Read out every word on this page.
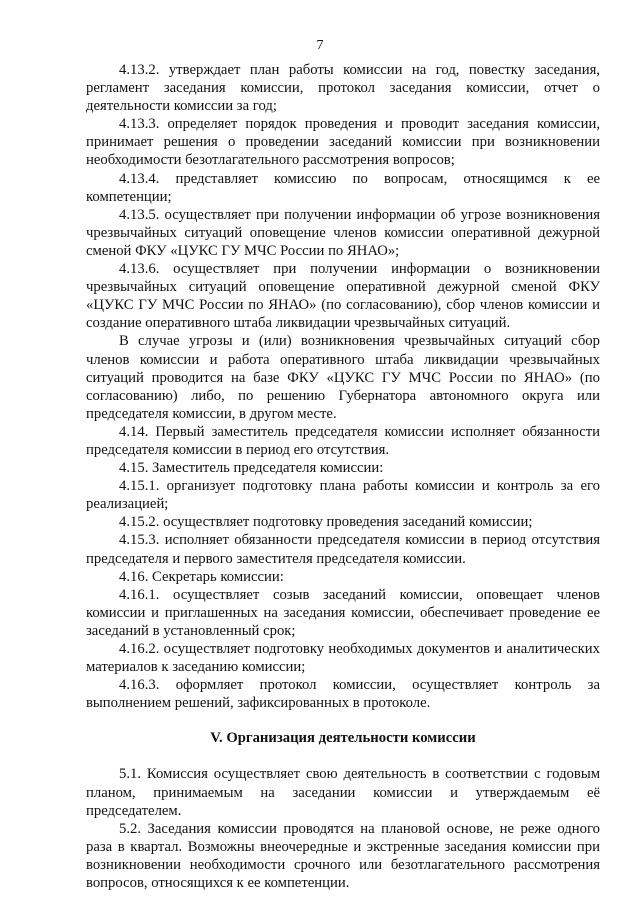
7

4.13.2. утверждает план работы комиссии на год, повестку заседания, регламент заседания комиссии, протокол заседания комиссии, отчет о деятельности комиссии за год;

4.13.3. определяет порядок проведения и проводит заседания комиссии, принимает решения о проведении заседаний комиссии при возникновении необходимости безотлагательного рассмотрения вопросов;

4.13.4. представляет комиссию по вопросам, относящимся к ее компетенции;

4.13.5. осуществляет при получении информации об угрозе возникновения чрезвычайных ситуаций оповещение членов комиссии оперативной дежурной сменой ФКУ «ЦУКС ГУ МЧС России по ЯНАО»;

4.13.6. осуществляет при получении информации о возникновении чрезвычайных ситуаций оповещение оперативной дежурной сменой ФКУ «ЦУКС ГУ МЧС России по ЯНАО» (по согласованию), сбор членов комиссии и создание оперативного штаба ликвидации чрезвычайных ситуаций.

В случае угрозы и (или) возникновения чрезвычайных ситуаций сбор членов комиссии и работа оперативного штаба ликвидации чрезвычайных ситуаций проводится на базе ФКУ «ЦУКС ГУ МЧС России по ЯНАО» (по согласованию) либо, по решению Губернатора автономного округа или председателя комиссии, в другом месте.

4.14. Первый заместитель председателя комиссии исполняет обязанности председателя комиссии в период его отсутствия.

4.15. Заместитель председателя комиссии:

4.15.1. организует подготовку плана работы комиссии и контроль за его реализацией;

4.15.2. осуществляет подготовку проведения заседаний комиссии;

4.15.3. исполняет обязанности председателя комиссии в период отсутствия председателя и первого заместителя председателя комиссии.

4.16. Секретарь комиссии:

4.16.1. осуществляет созыв заседаний комиссии, оповещает членов комиссии и приглашенных на заседания комиссии, обеспечивает проведение ее заседаний в установленный срок;

4.16.2. осуществляет подготовку необходимых документов и аналитических материалов к заседанию комиссии;

4.16.3. оформляет протокол комиссии, осуществляет контроль за выполнением решений, зафиксированных в протоколе.

V. Организация деятельности комиссии

5.1. Комиссия осуществляет свою деятельность в соответствии с годовым планом, принимаемым на заседании комиссии и утверждаемым её председателем.

5.2. Заседания комиссии проводятся на плановой основе, не реже одного раза в квартал. Возможны внеочередные и экстренные заседания комиссии при возникновении необходимости срочного или безотлагательного рассмотрения вопросов, относящихся к ее компетенции.
